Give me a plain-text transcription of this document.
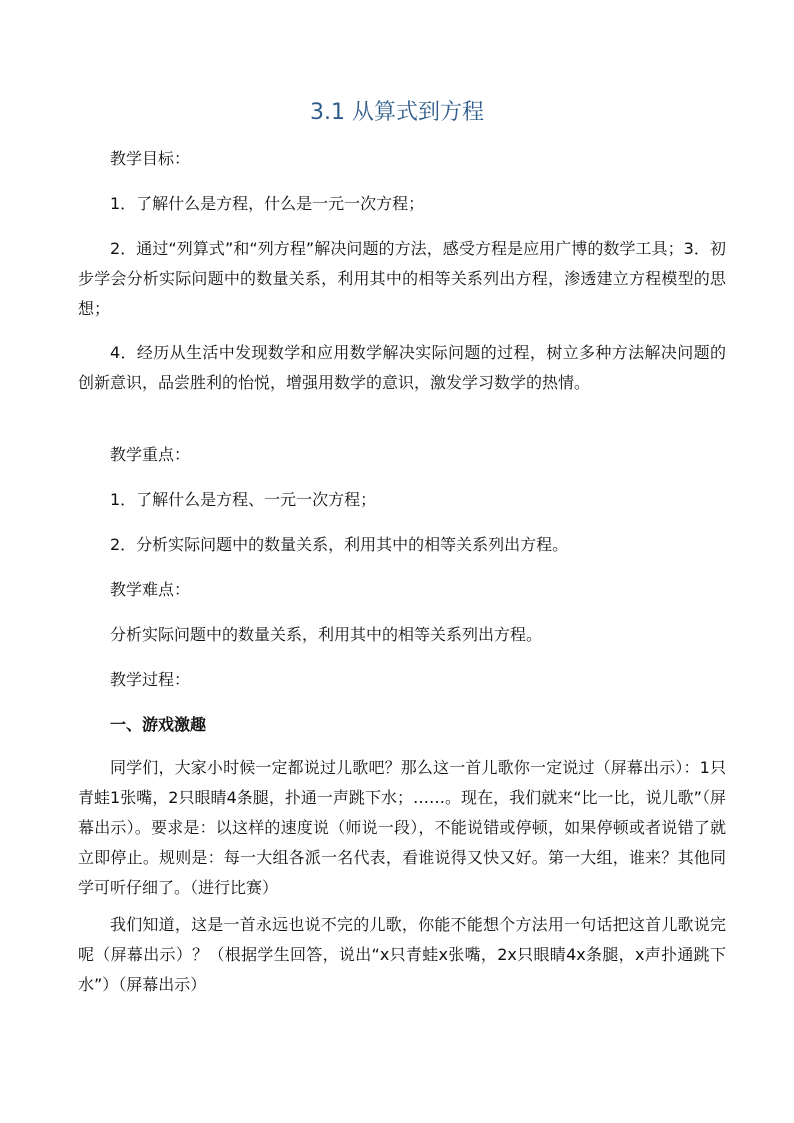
3.1 从算式到方程

教学目标：

1．了解什么是方程，什么是一元一次方程；

2．通过“列算式”和“列方程”解决问题的方法，感受方程是应用广博的数学工具；3．初步学会分析实际问题中的数量关系，利用其中的相等关系列出方程，渗透建立方程模型的思想；

4．经历从生活中发现数学和应用数学解决实际问题的过程，树立多种方法解决问题的创新意识，品尝胜利的怡悦，增强用数学的意识，激发学习数学的热情。

教学重点：

1．了解什么是方程、一元一次方程；

2．分析实际问题中的数量关系，利用其中的相等关系列出方程。

教学难点：

分析实际问题中的数量关系，利用其中的相等关系列出方程。

教学过程：

一、游戏激趣

同学们，大家小时候一定都说过儿歌吧？那么这一首儿歌你一定说过（屏幕出示）：1只青蛙1张嘴，2只眼睛4条腿，扑通一声跳下水；……。现在，我们就来“比一比，说儿歌”（屏幕出示）。要求是：以这样的速度说（师说一段），不能说错或停顿，如果停顿或者说错了就立即停止。规则是：每一大组各派一名代表，看谁说得又快又好。第一大组，谁来？其他同学可听仔细了。（进行比赛）

我们知道，这是一首永远也说不完的儿歌，你能不能想个方法用一句话把这首儿歌说完呢（屏幕出示）？（根据学生回答，说出“x只青蛙x张嘴，2x只眼睛4x条腿，x声扑通跳下水”）（屏幕出示）
